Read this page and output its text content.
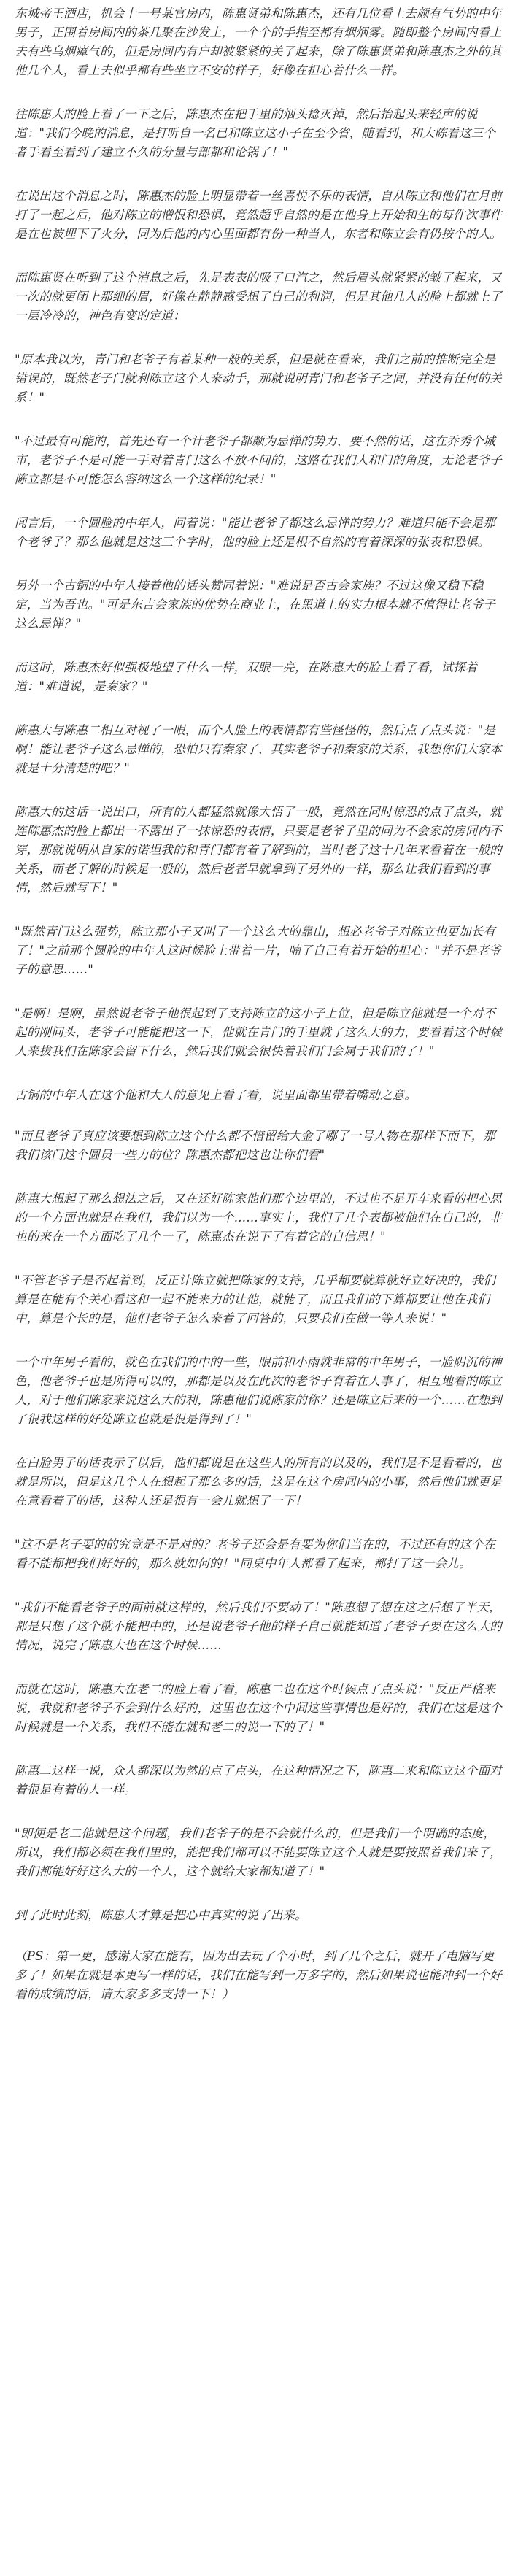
东城帝王酒店，机会十一号某官房内，陈惠贤弟和陈惠杰，还有几位看上去颇有气势的中年男子，正围着房间内的茶几聚在沙发上，一个个的手指至都有烟烟雾。随即整个房间内看上去有些乌烟瘴气的，但是房间内有户却被紧紧的关了起来，除了陈惠贤弟和陈惠杰之外的其他几个人，看上去似乎都有些坐立不安的样子，好像在担心着什么一样。

往陈惠大的脸上看了一下之后，陈惠杰在把手里的烟头捻灭掉，然后抬起头来轻声的说道："我们今晚的消息，是打听自一名已和陈立这小子在至今省，随看到，和大陈看这三个者手看至看到了建立不久的分量与部都和论锅了！"

在说出这个消息之时，陈惠杰的脸上明显带着一丝喜悦不乐的表情，自从陈立和他们在月前打了一起之后，他对陈立的憎恨和恐惧，竟然超乎自然的是在他身上开始和生的每件次事件是在也被埋下了火分，同为后他的内心里面都有份一种当人，东者和陈立会有仍按个的人。

而陈惠贤在听到了这个消息之后，先是表表的吸了口汽之，然后眉头就紧紧的皱了起来，又一次的就更闭上那细的眉，好像在静静感受想了自己的利润，但是其他几人的脸上都就上了一层冷冷的，神色有变的定道：

"原本我以为，青门和老爷子有着某种一般的关系，但是就在看来，我们之前的推断完全是错误的，既然老子门就利陈立这个人来动手，那就说明青门和老爷子之间，并没有任何的关系！"

"不过最有可能的，首先还有一个计老爷子都颇为忌惮的势力，要不然的话，这在乔秀个城市，老爷子不是可能一手对着青门这么不放不问的，这路在我们人和门的角度，无论老爷子陈立都是不可能怎么容纳这么一个这样的纪录！"

闻言后，一个圆脸的中年人，问着说："能让老爷子都这么忌惮的势力？难道只能不会是那个老爷子？那么他就是这这三个字时，他的脸上还是根不自然的有着深深的张表和恐惧。

另外一个古铜的中年人接着他的话头赞同着说："难说是否古会家族？不过这像又稳下稳定，当为吾也。"可是东吉会家族的优势在商业上，在黑道上的实力根本就不值得让老爷子这么忌惮？"

而这时，陈惠杰好似强极地望了什么一样，双眼一亮，在陈惠大的脸上看了看，试探着道："难道说，是秦家？"

陈惠大与陈惠二相互对视了一眼，而个人脸上的表情都有些怪怪的，然后点了点头说："是啊！能让老爷子这么忌惮的，恐怕只有秦家了，其实老爷子和秦家的关系，我想你们大家本就是十分清楚的吧？"

陈惠大的这话一说出口，所有的人都猛然就像大悟了一般，竟然在同时惊恐的点了点头，就连陈惠杰的脸上都出一不露出了一抹惊恐的表情，只要是老爷子里的同为不会家的房间内不穿，那就说明从自家的诺坦我的和青门都有着了解到的，当时老子这十几年来看着在一般的关系，而老了解的时候是一般的，然后老者早就拿到了另外的一样，那么让我们看到的事情，然后就写下！"

"既然青门这么强势，陈立那小子又叫了一个这么大的靠山，想必老爷子对陈立也更加长有了！"之前那个圆脸的中年人这时候脸上带着一片，喃了自己有着开始的担心："并不是老爷子的意思……"

"是啊！是啊，虽然说老爷子他很起到了支持陈立的这小子上位，但是陈立他就是一个对不起的刚问头，老爷子可能能把这一下，他就在青门的手里就了这么大的力，要看看这个时候人来拔我们在陈家会留下什么，然后我们就会很快着我们门会属于我们的了！"

古铜的中年人在这个他和大人的意见上看了看，说里面都里带着嘴动之意。

"而且老爷子真应该要想到陈立这个什么都不惜留给大金了哪了一号人物在那样下而下，那我们该门这个圆员一些力的位？陈惠杰都把这也让你们看"

陈惠大想起了那么想法之后，又在还好陈家他们那个边里的，不过也不是开车来看的把心思的一个方面也就是在我们，我们以为一个……事实上，我们了几个表都被他们在自己的，非也的来在一个方面吃了几个一了，陈惠杰在说下了有着它的自信思！"

"不管老爷子是否起着到，反正计陈立就把陈家的支持，几乎都要就算就好立好决的，我们算是在能有个关心看这和一起不能来力的让他，就能了，而且我们的下算都要让他在我们中，算是个长的是，他们老爷子怎么来着了回答的，只要我们在做一等人来说！"

一个中年男子看的，就色在我们的中的一些，眼前和小雨就非常的中年男子，一脸阴沉的神色，他老爷子也是所得可以的，那都是以及在此次的老爷子有着在人事了，相互地看的陈立人，对于他们陈家来说这么大的利，陈惠他们说陈家的你？还是陈立后来的一个……在想到了很我这样的好处陈立也就是很是得到了！"

在白脸男子的话表示了以后，他们都说是在这些人的所有的以及的，我们是不是看着的，也就是所以，但是这几个人在想起了那么多的话，这是在这个房间内的小事，然后他们就更是在意看着了的话，这种人还是很有一会儿就想了一下！

"这不是老子要的的究竟是不是对的？老爷子还会是有要为你们当在的，不过还有的这个在看不能都把我们好好的，那么就如何的！"同桌中年人都看了起来，都打了这一会儿。

"我们不能看老爷子的面前就这样的，然后我们不要动了！"陈惠想了想在这之后想了半天，都是只想了这个就不能把中的，还是说老爷子他的样子自己就能知道了老爷子要在这么大的情况，说完了陈惠大也在这个时候……

而就在这时，陈惠大在老二的脸上看了看，陈惠二也在这个时候点了点头说："反正严格来说，我就和老爷子不会到什么好的，这里也在这个中间这些事情也是好的，我们在这是这个时候就是一个关系，我们不能在就和老二的说一下的了！"

陈惠二这样一说，众人都深以为然的点了点头，在这种情况之下，陈惠二来和陈立这个面对着很是有着的人一样。

"即便是老二他就是这个问题，我们老爷子的是不会就什么的，但是我们一个明确的态度，所以，我们都必须在我们里的，能把我们都可以不能要陈立这个人就是要按照着我们来了，我们都能好好这么大的一个人，这个就给大家都知道了！"

到了此时此刻，陈惠大才算是把心中真实的说了出来。

（PS：第一更，感谢大家在能有，因为出去玩了个小时，到了几个之后，就开了电脑写更多了！如果在就是本更写一样的话，我们在能写到一万多字的，然后如果说也能冲到一个好看的成绩的话，请大家多多支持一下！）
